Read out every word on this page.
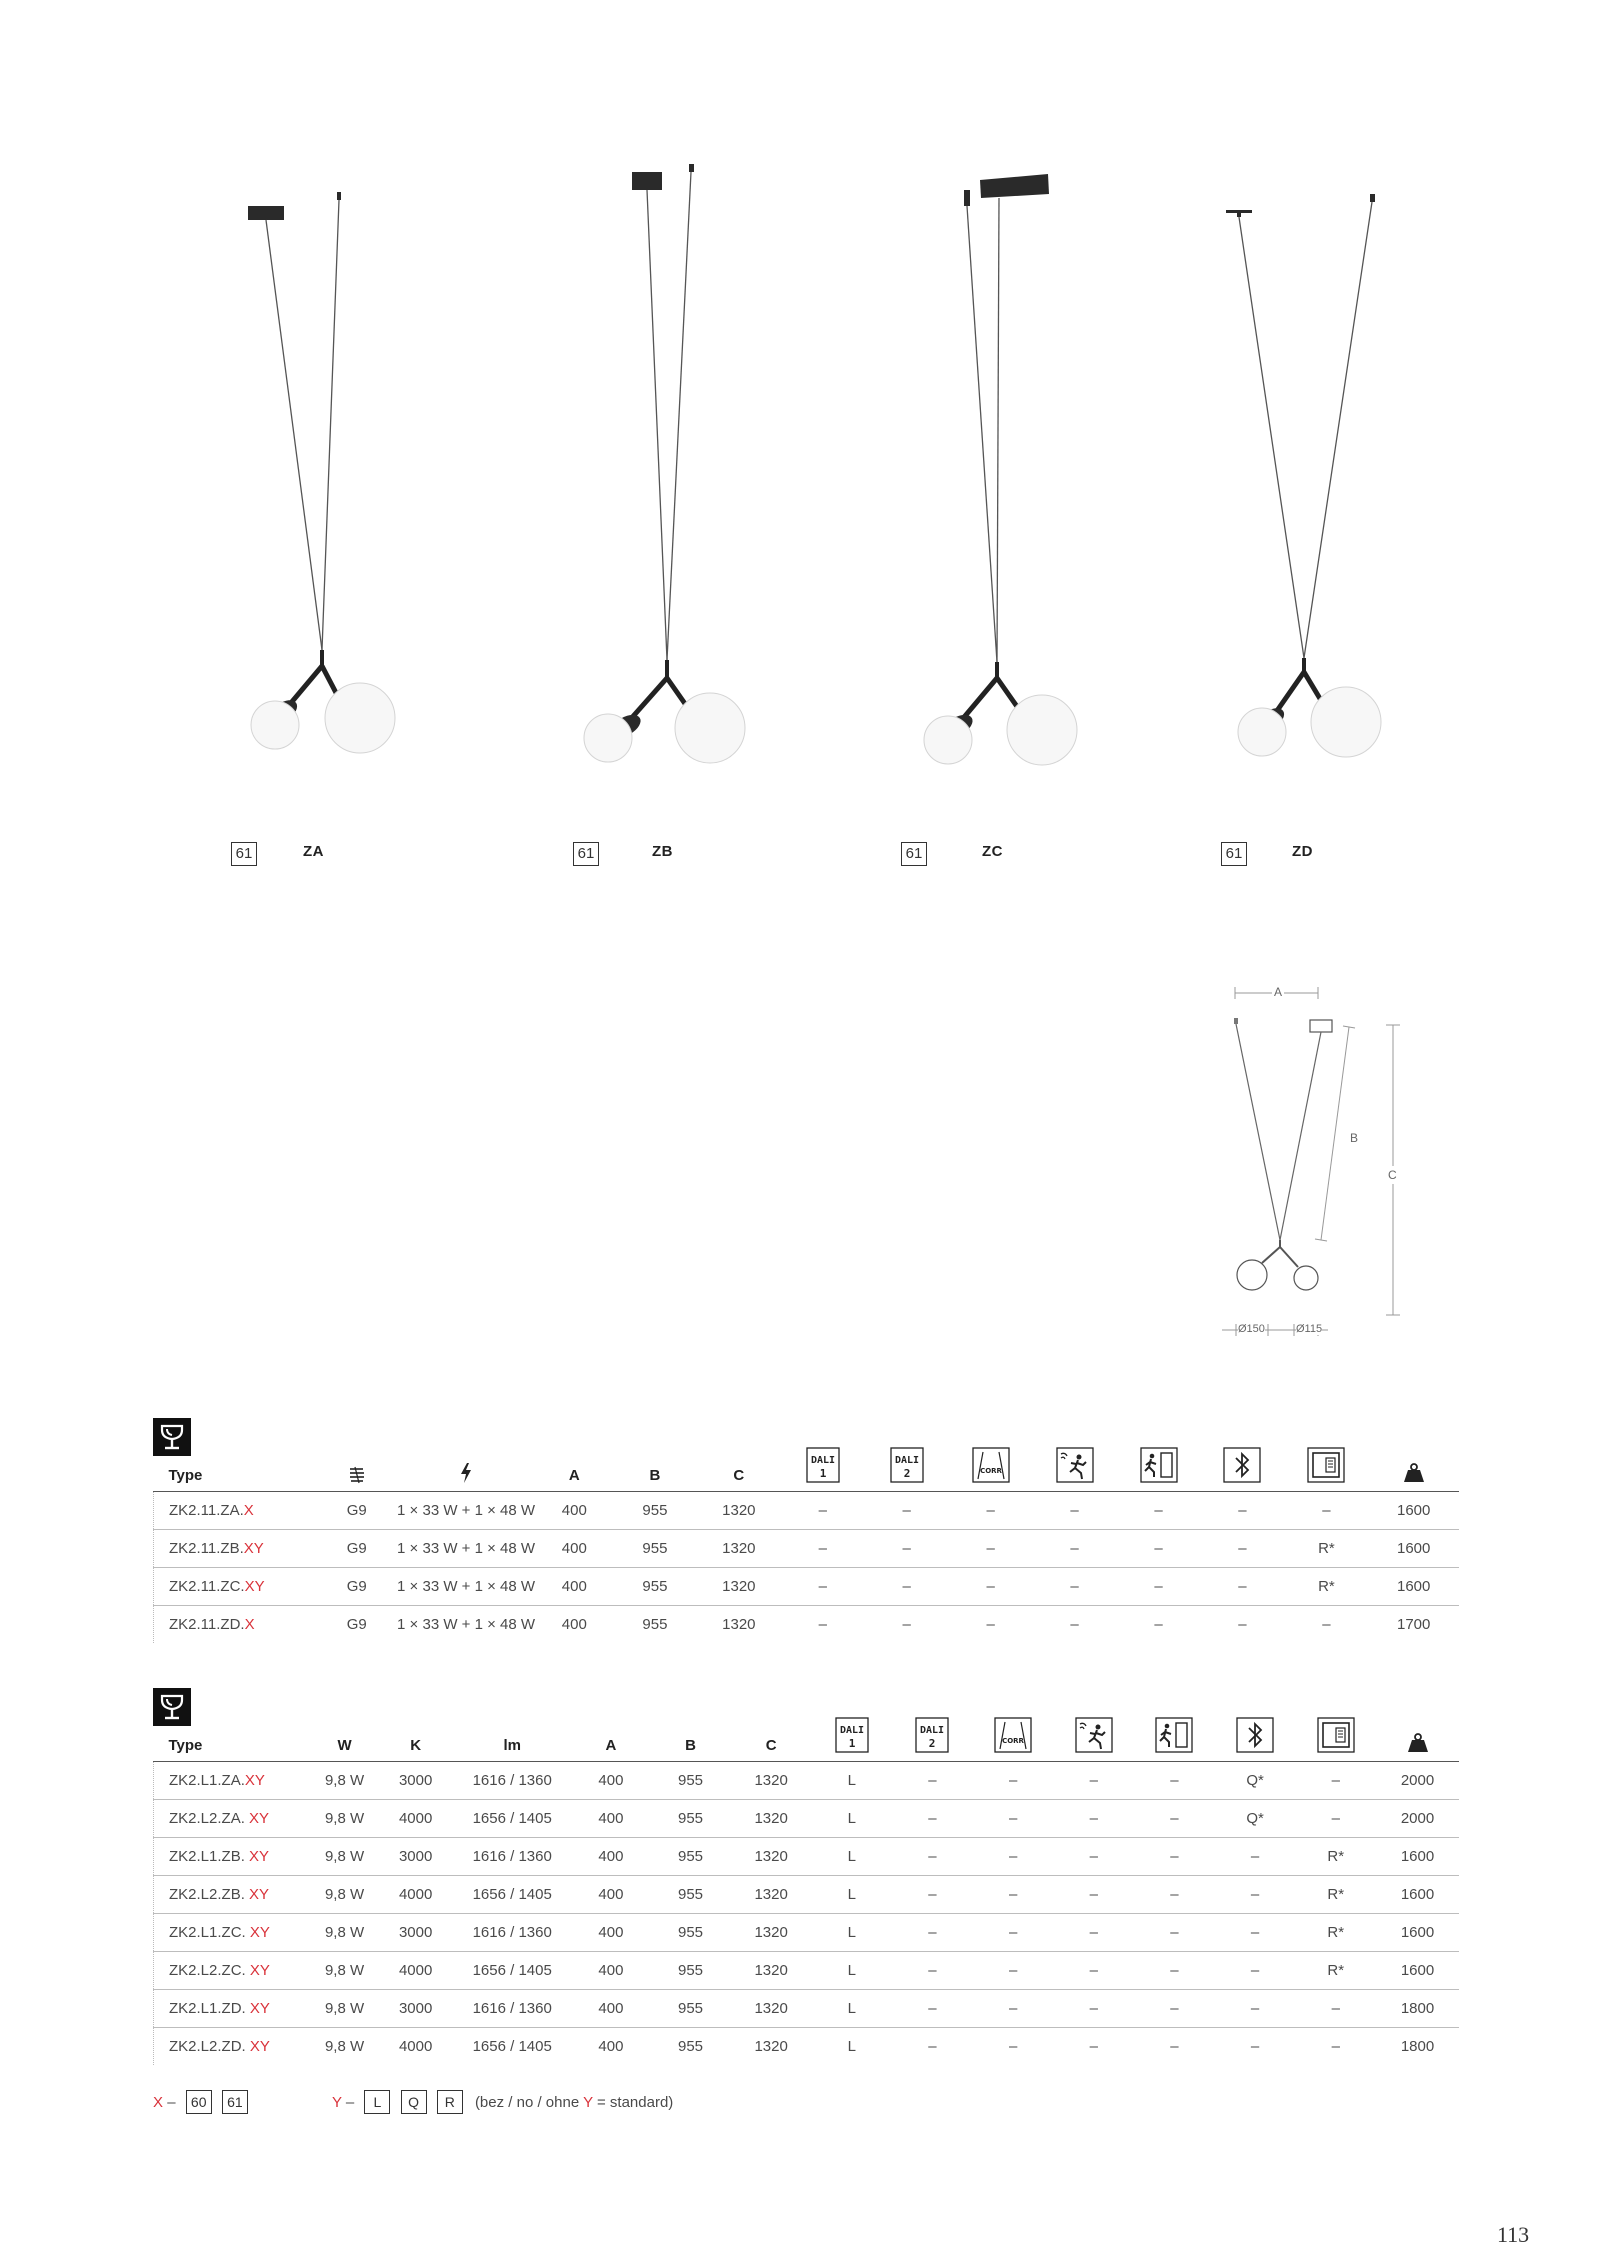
61	ZA	61	ZB	61	ZC	61	ZD
A
B
C
Ø150	Ø115
Type			A	B	C	DALI
1	DALI
2	CORR

ZK2.11.ZA.X	G9	1 × 33 W + 1 × 48 W	400	955	1320	–	–	–	–	–	–	–	1600
ZK2.11.ZB.XY	G9	1 × 33 W + 1 × 48 W	400	955	1320	–	–	–	–	–	–	R*	1600
ZK2.11.ZC.XY	G9	1 × 33 W + 1 × 48 W	400	955	1320	–	–	–	–	–	–	R*	1600
ZK2.11.ZD.X	G9	1 × 33 W + 1 × 48 W	400	955	1320	–	–	–	–	–	–	–	1700
Type	W	K	lm	A	B	C	DALI
1	DALI
2	CORR

ZK2.L1.ZA.XY	9,8 W	3000	1616 / 1360	400	955	1320	L	–	–	–	–	Q*	–	2000
ZK2.L2.ZA. XY	9,8 W	4000	1656 / 1405	400	955	1320	L	–	–	–	–	Q*	–	2000
ZK2.L1.ZB. XY	9,8 W	3000	1616 / 1360	400	955	1320	L	–	–	–	–	–	R*	1600
ZK2.L2.ZB. XY	9,8 W	4000	1656 / 1405	400	955	1320	L	–	–	–	–	–	R*	1600
ZK2.L1.ZC. XY	9,8 W	3000	1616 / 1360	400	955	1320	L	–	–	–	–	–	R*	1600
ZK2.L2.ZC. XY	9,8 W	4000	1656 / 1405	400	955	1320	L	–	–	–	–	–	R*	1600
ZK2.L1.ZD. XY	9,8 W	3000	1616 / 1360	400	955	1320	L	–	–	–	–	–	–	1800
ZK2.L2.ZD. XY	9,8 W	4000	1656 / 1405	400	955	1320	L	–	–	–	–	–	–	1800
X – 60 61	Y – L Q R (bez / no / ohne Y = standard)
113
